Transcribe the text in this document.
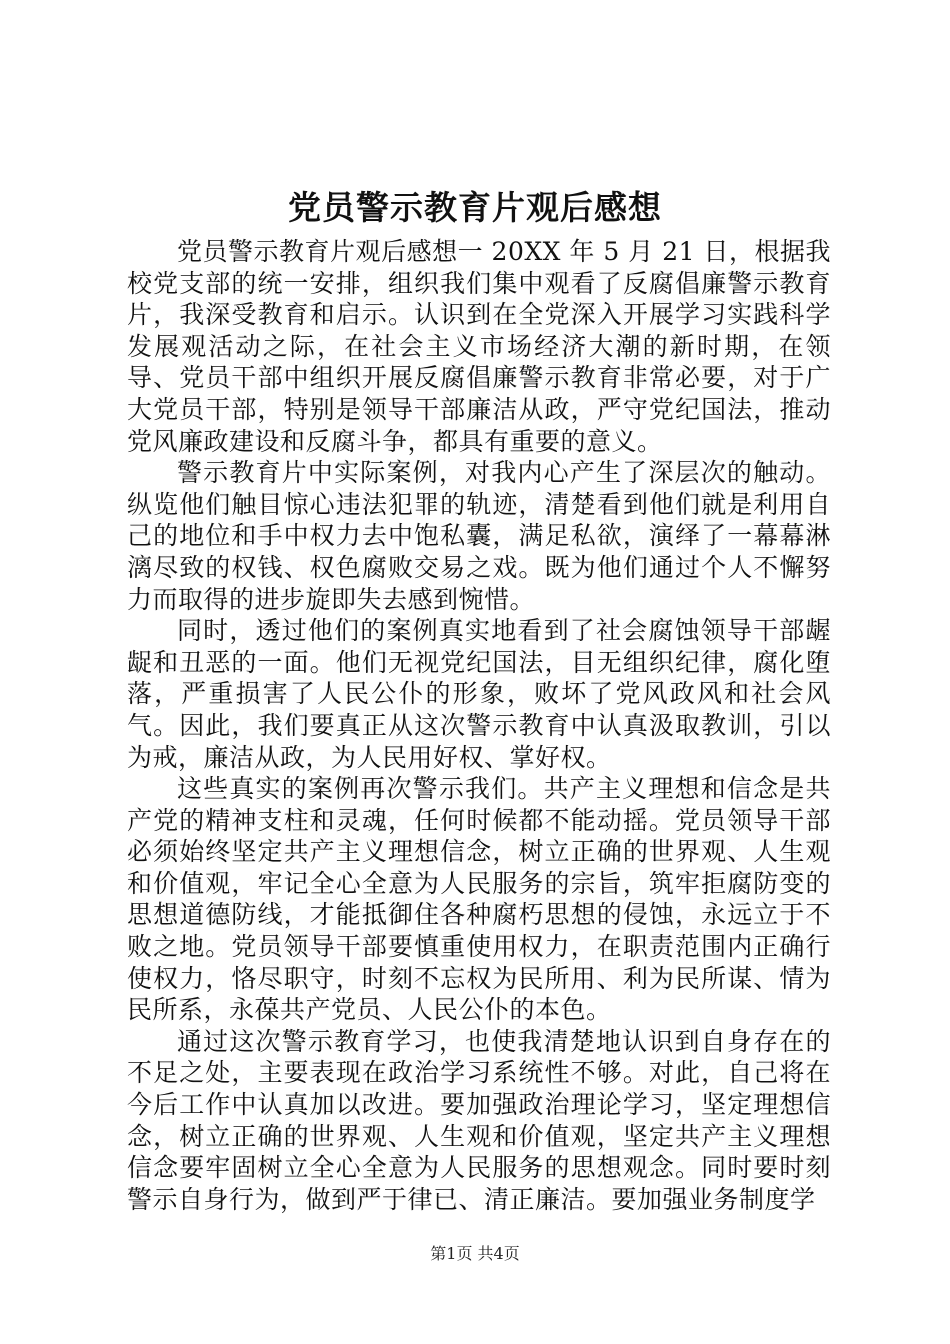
党员警示教育片观后感想

党员警示教育片观后感想一 20XX 年 5 月 21 日，根据我校党支部的统一安排，组织我们集中观看了反腐倡廉警示教育片，我深受教育和启示。认识到在全党深入开展学习实践科学发展观活动之际，在社会主义市场经济大潮的新时期，在领导、党员干部中组织开展反腐倡廉警示教育非常必要，对于广大党员干部，特别是领导干部廉洁从政，严守党纪国法，推动党风廉政建设和反腐斗争，都具有重要的意义。

警示教育片中实际案例，对我内心产生了深层次的触动。纵览他们触目惊心违法犯罪的轨迹，清楚看到他们就是利用自己的地位和手中权力去中饱私囊，满足私欲，演绎了一幕幕淋漓尽致的权钱、权色腐败交易之戏。既为他们通过个人不懈努力而取得的进步旋即失去感到惋惜。

同时，透过他们的案例真实地看到了社会腐蚀领导干部龌龊和丑恶的一面。他们无视党纪国法，目无组织纪律，腐化堕落，严重损害了人民公仆的形象，败坏了党风政风和社会风气。因此，我们要真正从这次警示教育中认真汲取教训，引以为戒，廉洁从政，为人民用好权、掌好权。

这些真实的案例再次警示我们。共产主义理想和信念是共产党的精神支柱和灵魂，任何时候都不能动摇。党员领导干部必须始终坚定共产主义理想信念，树立正确的世界观、人生观和价值观，牢记全心全意为人民服务的宗旨，筑牢拒腐防变的思想道德防线，才能抵御住各种腐朽思想的侵蚀，永远立于不败之地。党员领导干部要慎重使用权力，在职责范围内正确行使权力，恪尽职守，时刻不忘权为民所用、利为民所谋、情为民所系，永葆共产党员、人民公仆的本色。

通过这次警示教育学习，也使我清楚地认识到自身存在的不足之处，主要表现在政治学习系统性不够。对此，自己将在今后工作中认真加以改进。要加强政治理论学习，坚定理想信念，树立正确的世界观、人生观和价值观，坚定共产主义理想信念要牢固树立全心全意为人民服务的思想观念。同时要时刻警示自身行为，做到严于律已、清正廉洁。要加强业务制度学

第1页 共4页
